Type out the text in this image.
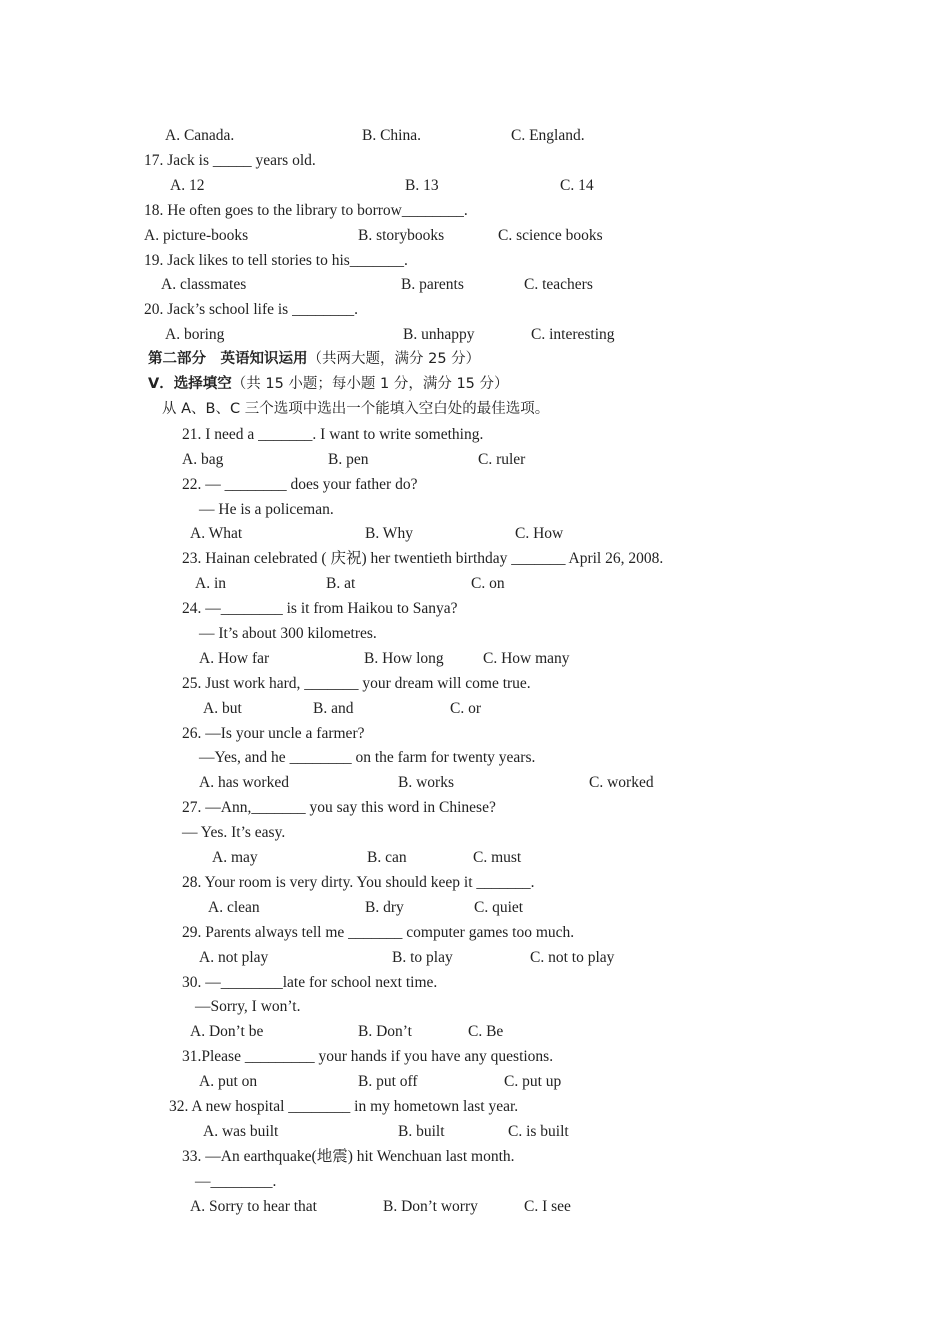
A. Canada.	B. China.	C. England.

17. Jack is _____ years old.

A. 12	B. 13	C. 14

18. He often goes to the library to borrow________.

A. picture-books	B. storybooks	C. science books

19. Jack likes to tell stories to his_______.

A. classmates	B. parents	C. teachers

20. Jack’s school life is ________.

A. boring	B. unhappy	C. interesting

第二部分　英语知识运用（共两大题，满分 25 分）

V．选择填空（共 15 小题；每小题 1 分，满分 15 分）

从 A、B、C 三个选项中选出一个能填入空白处的最佳选项。

21. I need a _______. I want to write something.

A. bag	B. pen	C. ruler

22. — ________ does your father do?

— He is a policeman.

A. What	B. Why	C. How

23. Hainan celebrated ( 庆祝) her twentieth birthday _______ April 26, 2008.

A. in	B. at	C. on

24. —________ is it from Haikou to Sanya?

— It’s about 300 kilometres.

A. How far	B. How long	C. How many

25. Just work hard, _______ your dream will come true.

A. but	B. and	C. or

26. —Is your uncle a farmer?

—Yes, and he ________ on the farm for twenty years.

A. has worked	B. works	C. worked

27. —Ann,_______ you say this word in Chinese?

— Yes. It’s easy.

A. may	B. can	C. must

28. Your room is very dirty. You should keep it _______.

A. clean	B. dry	C. quiet

29. Parents always tell me _______ computer games too much.

A. not play	B. to play	C. not to play

30. —________late for school next time.

—Sorry, I won’t.

A. Don’t be	B. Don’t	C. Be

31.Please _________ your hands if you have any questions.

A. put on	B. put off	C. put up

32. A new hospital ________ in my hometown last year.

A. was built	B. built	C. is built

33. —An earthquake(地震) hit Wenchuan last month.

—________.

A. Sorry to hear that	B. Don’t worry	C. I see
